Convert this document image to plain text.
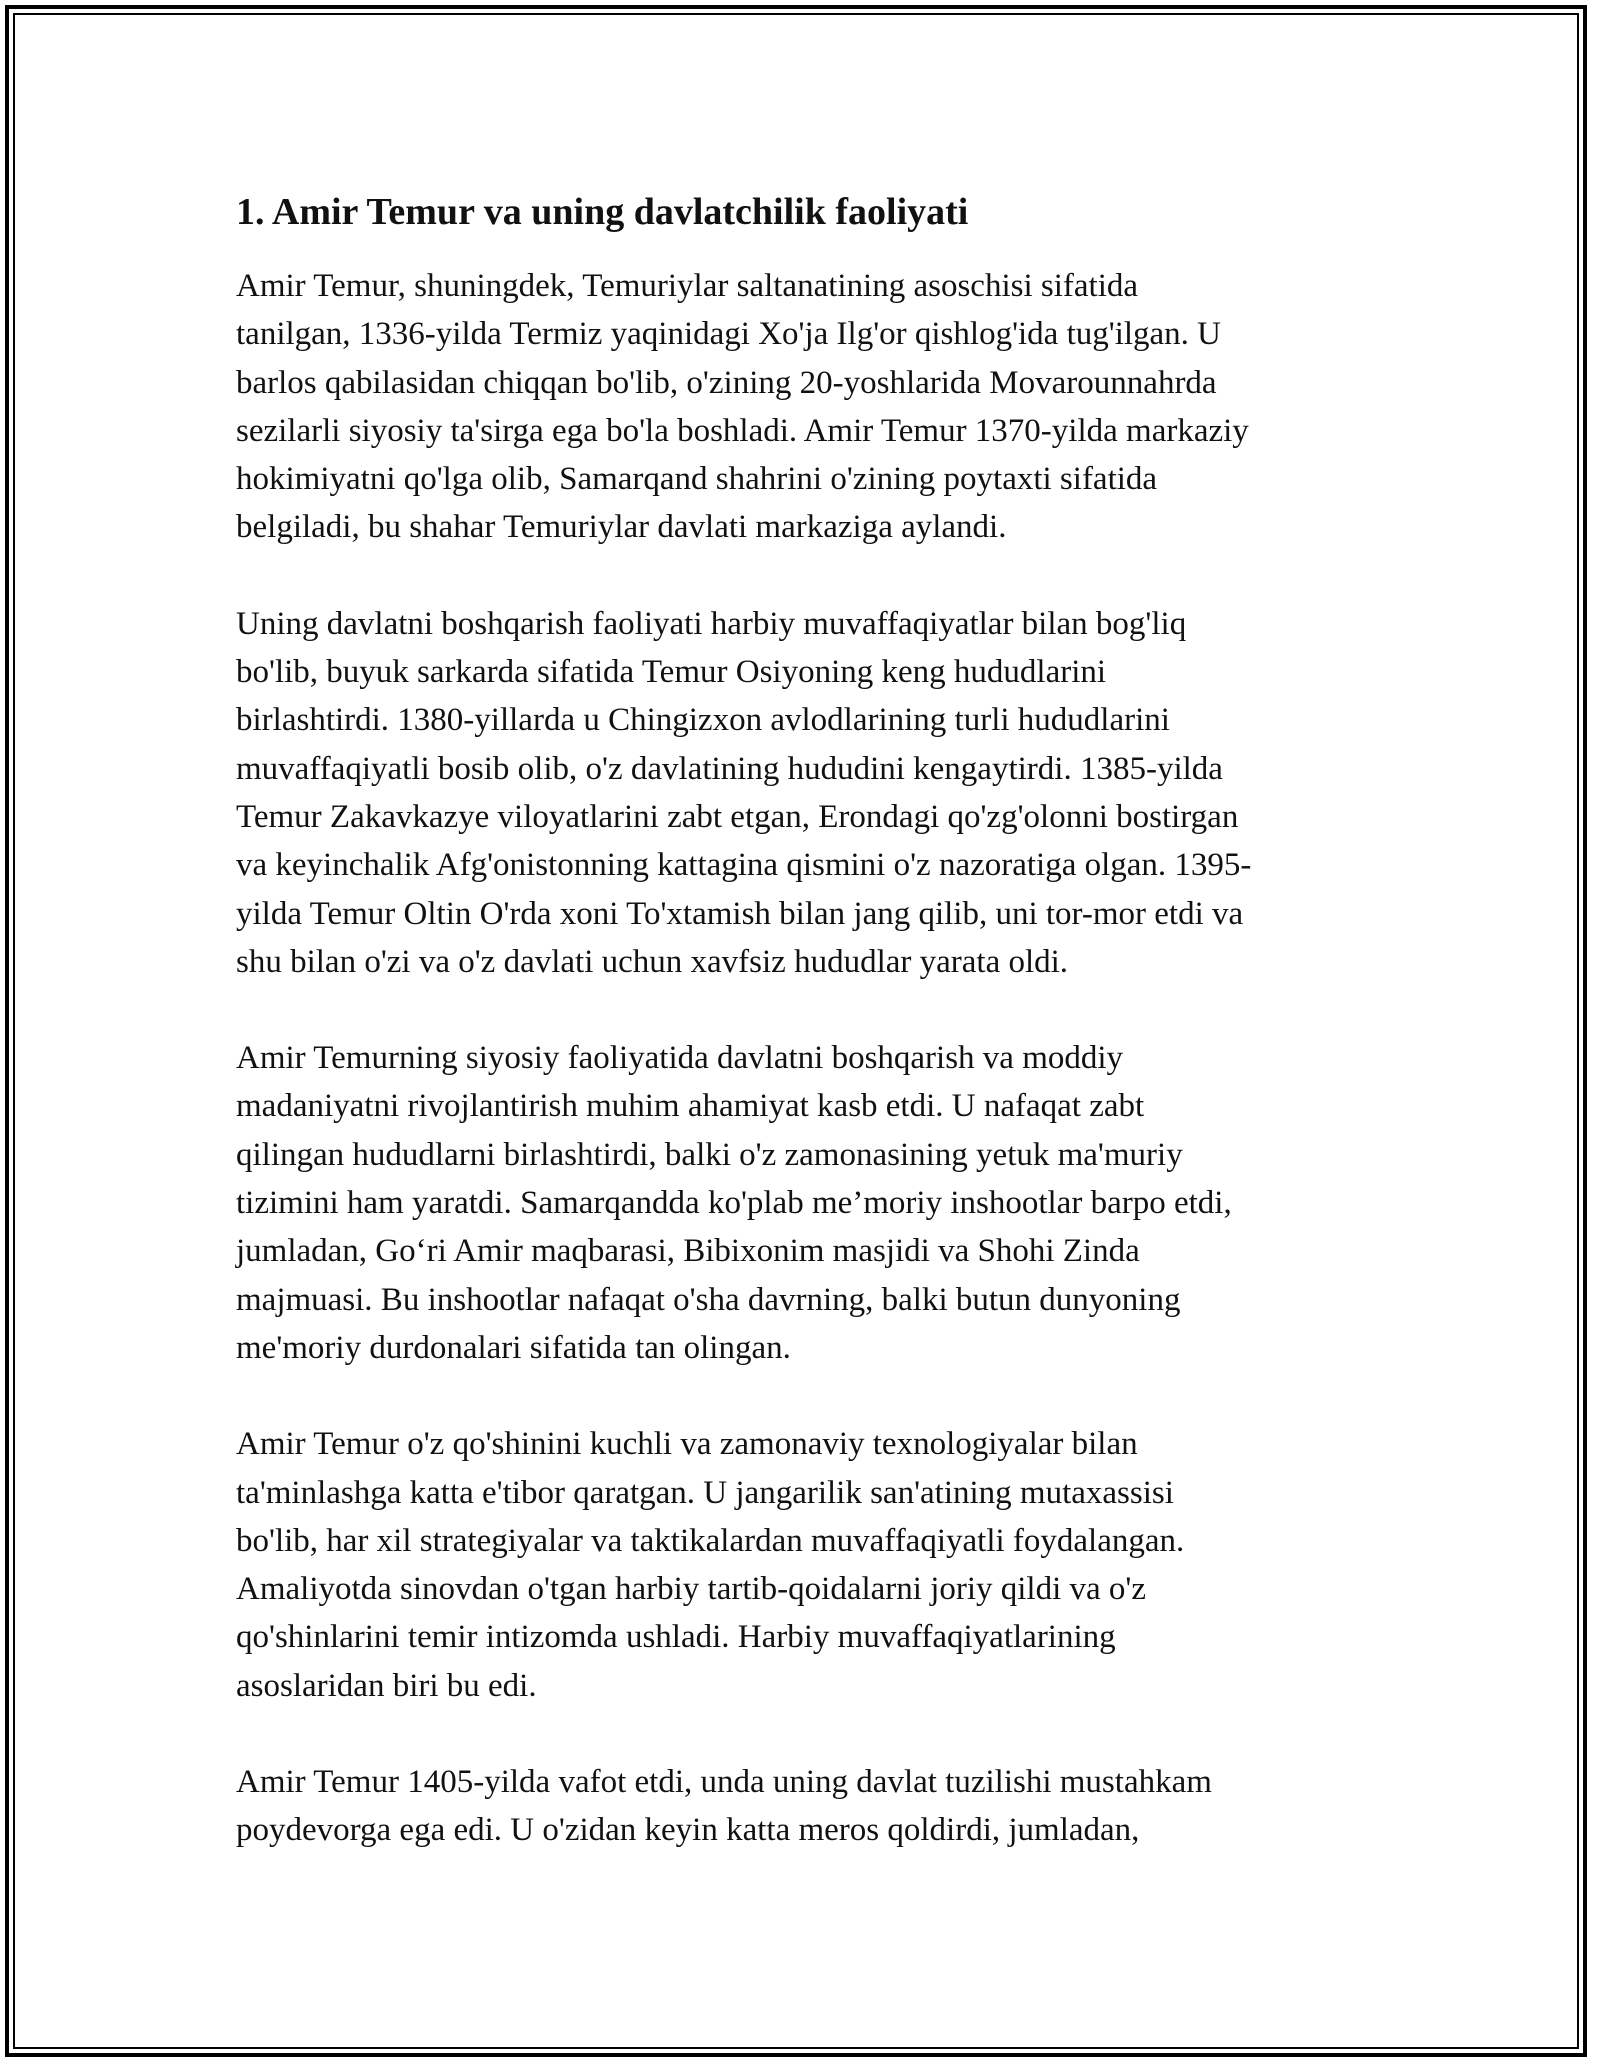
1. Amir Temur va uning davlatchilik faoliyati

Amir Temur, shuningdek, Temuriylar saltanatining asoschisi sifatida
tanilgan, 1336-yilda Termiz yaqinidagi Xo'ja Ilg'or qishlog'ida tug'ilgan. U
barlos qabilasidan chiqqan bo'lib, o'zining 20-yoshlarida Movarounnahrda
sezilarli siyosiy ta'sirga ega bo'la boshladi. Amir Temur 1370-yilda markaziy
hokimiyatni qo'lga olib, Samarqand shahrini o'zining poytaxti sifatida
belgiladi, bu shahar Temuriylar davlati markaziga aylandi.

Uning davlatni boshqarish faoliyati harbiy muvaffaqiyatlar bilan bog'liq
bo'lib, buyuk sarkarda sifatida Temur Osiyoning keng hududlarini
birlashtirdi. 1380-yillarda u Chingizxon avlodlarining turli hududlarini
muvaffaqiyatli bosib olib, o'z davlatining hududini kengaytirdi. 1385-yilda
Temur Zakavkazye viloyatlarini zabt etgan, Erondagi qo'zg'olonni bostirgan
va keyinchalik Afg'onistonning kattagina qismini o'z nazoratiga olgan. 1395-
yilda Temur Oltin O'rda xoni To'xtamish bilan jang qilib, uni tor-mor etdi va
shu bilan o'zi va o'z davlati uchun xavfsiz hududlar yarata oldi.

Amir Temurning siyosiy faoliyatida davlatni boshqarish va moddiy
madaniyatni rivojlantirish muhim ahamiyat kasb etdi. U nafaqat zabt
qilingan hududlarni birlashtirdi, balki o'z zamonasining yetuk ma'muriy
tizimini ham yaratdi. Samarqandda ko'plab me’moriy inshootlar barpo etdi,
jumladan, Go‘ri Amir maqbarasi, Bibixonim masjidi va Shohi Zinda
majmuasi. Bu inshootlar nafaqat o'sha davrning, balki butun dunyoning
me'moriy durdonalari sifatida tan olingan.

Amir Temur o'z qo'shinini kuchli va zamonaviy texnologiyalar bilan
ta'minlashga katta e'tibor qaratgan. U jangarilik san'atining mutaxassisi
bo'lib, har xil strategiyalar va taktikalardan muvaffaqiyatli foydalangan.
Amaliyotda sinovdan o'tgan harbiy tartib-qoidalarni joriy qildi va o'z
qo'shinlarini temir intizomda ushladi. Harbiy muvaffaqiyatlarining
asoslaridan biri bu edi.

Amir Temur 1405-yilda vafot etdi, unda uning davlat tuzilishi mustahkam
poydevorga ega edi. U o'zidan keyin katta meros qoldirdi, jumladan,
